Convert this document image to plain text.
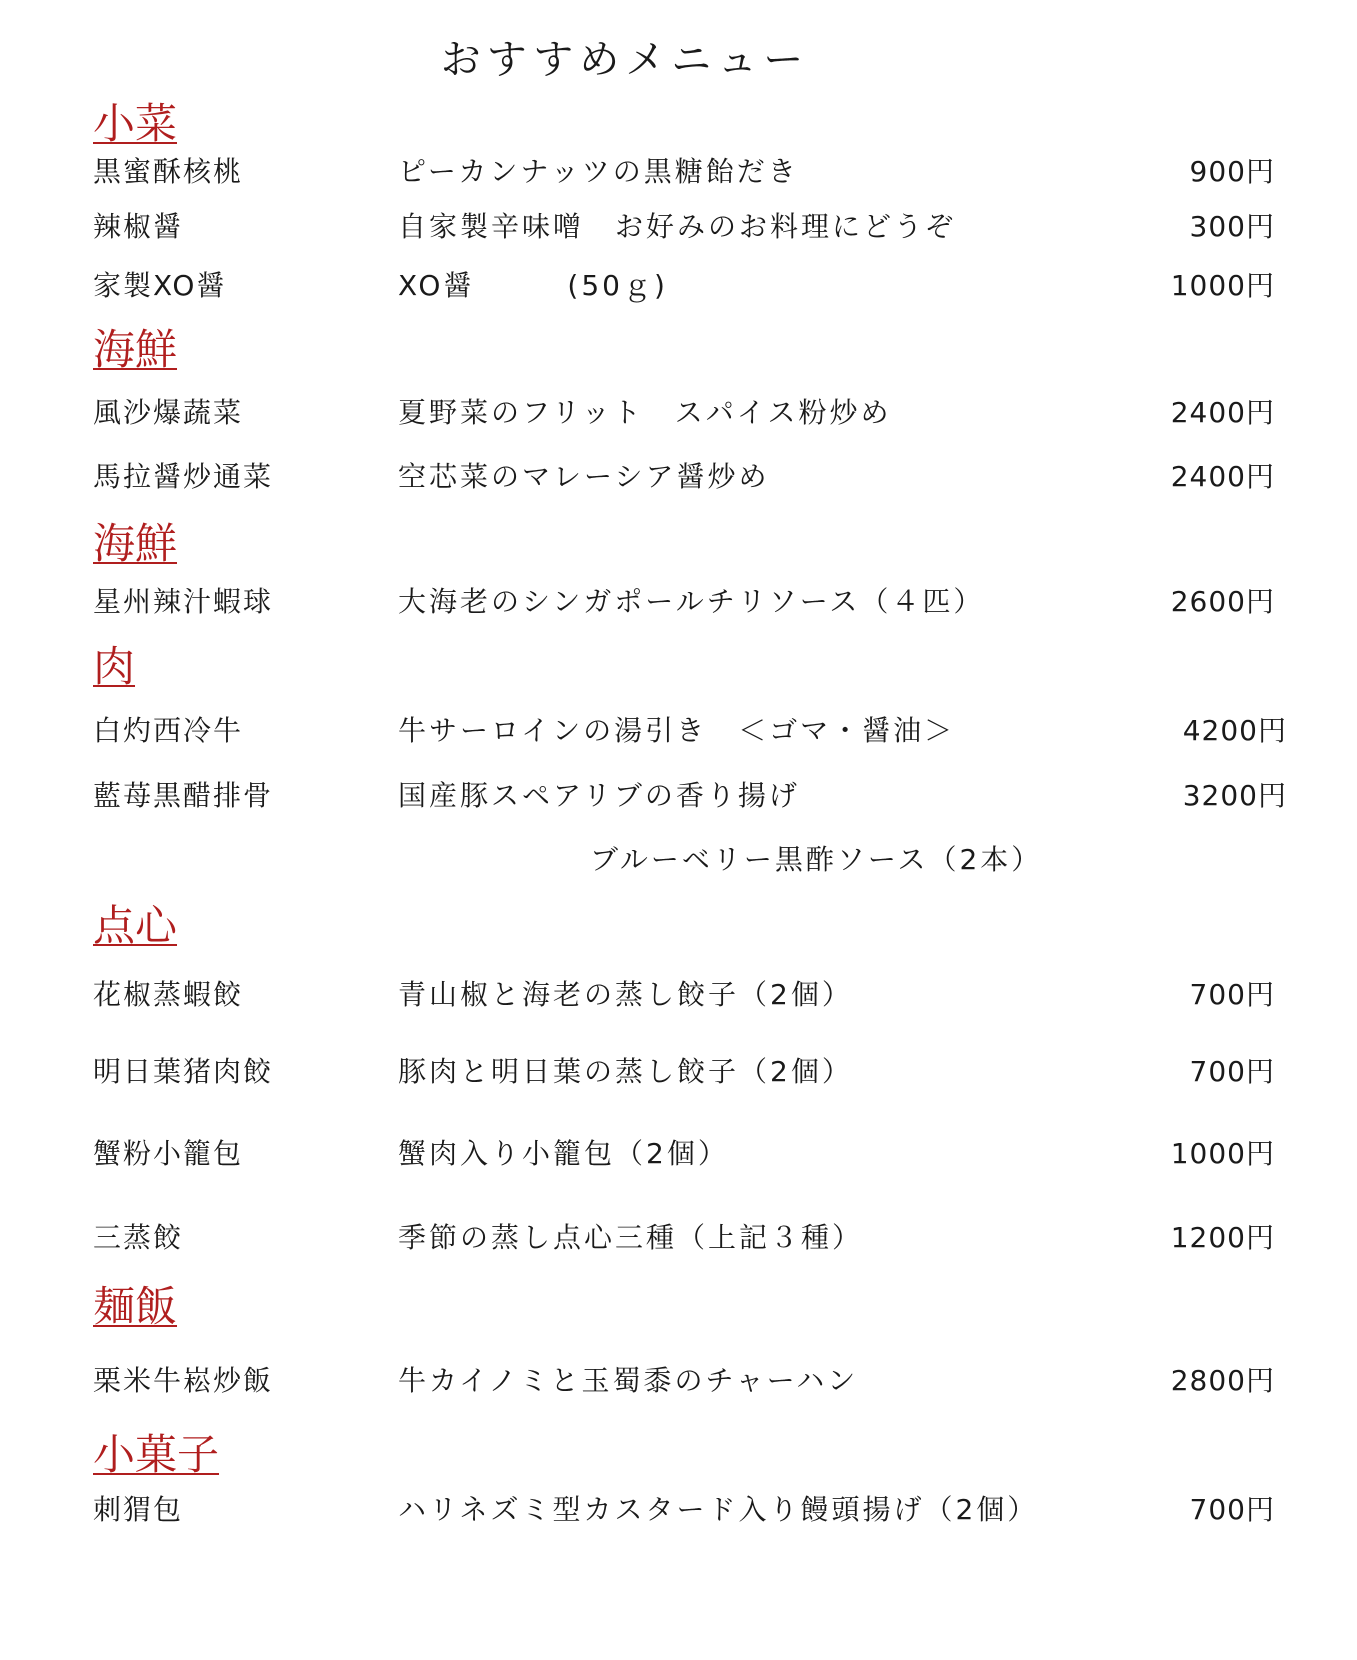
おすすめメニュー
小菜
黒蜜酥核桃	ピーカンナッツの黒糖飴だき	900円
辣椒醤	自家製辛味噌　お好みのお料理にどうぞ	300円
家製XO醤	XO醤　　　(50ｇ)	1000円
海鮮
風沙爆蔬菜	夏野菜のフリット　スパイス粉炒め	2400円
馬拉醤炒通菜	空芯菜のマレーシア醤炒め	2400円
海鮮
星州辣汁蝦球	大海老のシンガポールチリソース（４匹）	2600円
肉
白灼西冷牛	牛サーロインの湯引き　＜ゴマ・醤油＞	4200円
藍苺黒醋排骨	国産豚スペアリブの香り揚げ	3200円
ブルーベリー黒酢ソース（2本）
点心
花椒蒸蝦餃	青山椒と海老の蒸し餃子（2個）	700円
明日葉猪肉餃	豚肉と明日葉の蒸し餃子（2個）	700円
蟹粉小籠包	蟹肉入り小籠包（2個）	1000円
三蒸餃	季節の蒸し点心三種（上記３種）	1200円
麺飯
栗米牛崧炒飯	牛カイノミと玉蜀黍のチャーハン	2800円
小菓子
刺猬包	ハリネズミ型カスタード入り饅頭揚げ（2個）	700円
